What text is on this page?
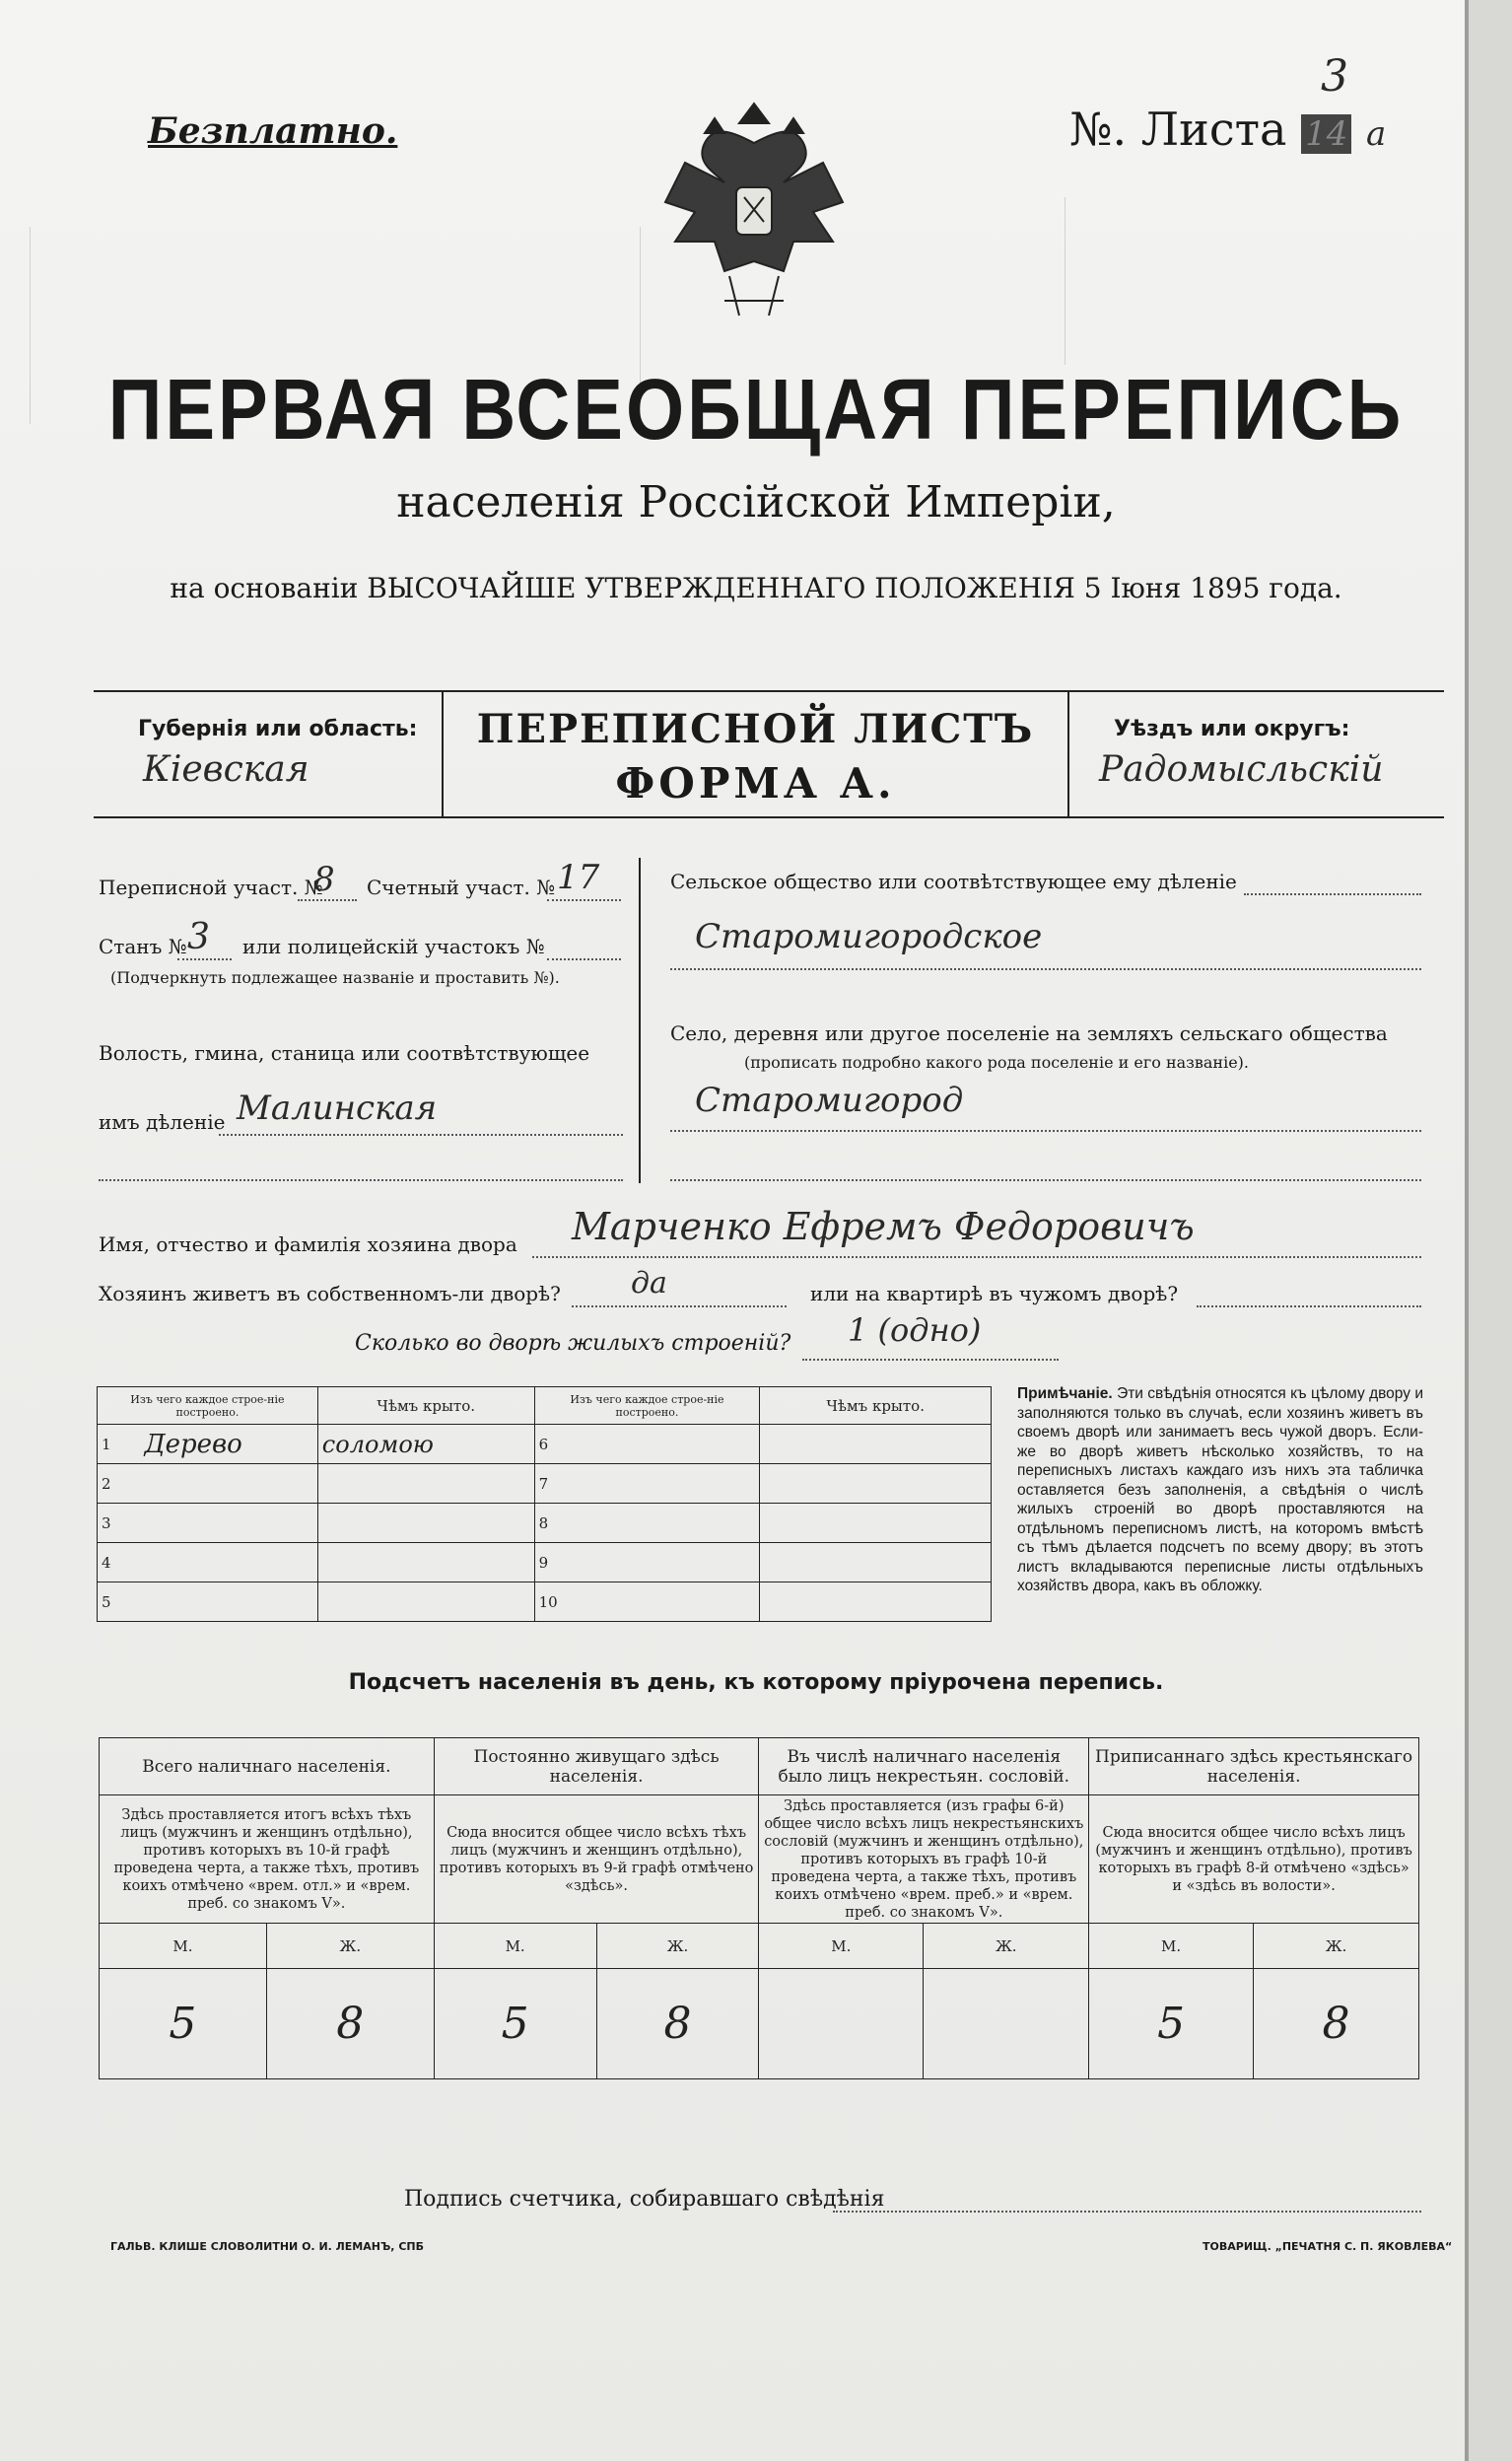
Безплатно.	№. Листа 14 а
3
ПЕРВАЯ ВСЕОБЩАЯ ПЕРЕПИСЬ
населенія Россійской Имперіи,
на основаніи ВЫСОЧАЙШЕ УТВЕРЖДЕННАГО ПОЛОЖЕНІЯ 5 Іюня 1895 года.
Губернія или область:
Кіевская
ПЕРЕПИСНОЙ ЛИСТЪ
ФОРМА А.
Уѣздъ или округъ:
Радомысльскій
Переписной участ. №
8 Счетный участ. № 17
Станъ № 3 или полицейскій участокъ №
(Подчеркнуть подлежащее названіе и проставить №).
Волость, гмина, станица или соотвѣтствующее
имъ дѣленіе Малинская
Сельское общество или соотвѣтствующее ему дѣленіе
Старомигородское
Село, деревня или другое поселеніе на земляхъ сельскаго общества
(прописать подробно какого рода поселеніе и его названіе).
Старомигород
Имя, отчество и фамилія хозяина двора Марченко Ефремъ Федоровичъ
Хозяинъ живетъ въ собственномъ-ли дворѣ? да	или на квартирѣ въ чужомъ дворѣ?
Сколько во дворѣ жилыхъ строеній? 1 (одно)
Изъ чего каждое строе-ніе построено.		Чѣмъ крыто.	Изъ чего каждое строе-ніе построено.		Чѣмъ крыто.
1	Дерево	соломою	6		
2			7		
3			8		
4			9		
5			10		
Примѣчаніе. Эти свѣдѣнія относятся къ цѣлому двору и заполняются только въ случаѣ, если хозяинъ живетъ въ своемъ дворѣ или занимаетъ весь чужой дворъ. Если-же во дворѣ живетъ нѣсколько хозяйствъ, то на переписныхъ листахъ каждаго изъ нихъ эта табличка оставляется безъ заполненія, а свѣдѣнія о числѣ жилыхъ строеній во дворѣ проставляются на отдѣльномъ переписномъ листѣ, на которомъ вмѣстѣ съ тѣмъ дѣлается подсчетъ по всему двору; въ этотъ листъ вкладываются переписные листы отдѣльныхъ хозяйствъ двора, какъ въ обложку.
Подсчетъ населенія въ день, къ которому пріурочена перепись.
Всего наличнаго населенія.		Постоянно живущаго здѣсь населенія.		Въ числѣ наличнаго населенія было лицъ некрестьян. сословій.		Приписаннаго здѣсь крестьянскаго населенія.	
Здѣсь проставляется итогъ всѣхъ тѣхъ лицъ (мужчинъ и женщинъ отдѣльно), противъ которыхъ въ 10-й графѣ проведена черта, а также тѣхъ, противъ коихъ отмѣчено «врем. отл.» и «врем. преб. со знакомъ V».		Сюда вносится общее число всѣхъ тѣхъ лицъ (мужчинъ и женщинъ отдѣльно), противъ которыхъ въ 9-й графѣ отмѣчено «здѣсь».		Здѣсь проставляется (изъ графы 6-й) общее число всѣхъ лицъ некрестьянскихъ сословій (мужчинъ и женщинъ отдѣльно), противъ которыхъ въ графѣ 10-й проведена черта, а также тѣхъ, противъ коихъ отмѣчено «врем. преб.» и «врем. преб. со знакомъ V».		Сюда вносится общее число всѣхъ лицъ (мужчинъ и женщинъ отдѣльно), противъ которыхъ въ графѣ 8-й отмѣчено «здѣсь» и «здѣсь въ волости».	
М.	Ж.	М.	Ж.	М.	Ж.	М.	Ж.
5	8	5	8			5	8
Подпись счетчика, собиравшаго свѣдѣнія
ГАЛЬВ. КЛИШЕ СЛОВОЛИТНИ О. И. ЛЕМАНЪ, СПБ	ТОВАРИЩ. „ПЕЧАТНЯ С. П. ЯКОВЛЕВА“
